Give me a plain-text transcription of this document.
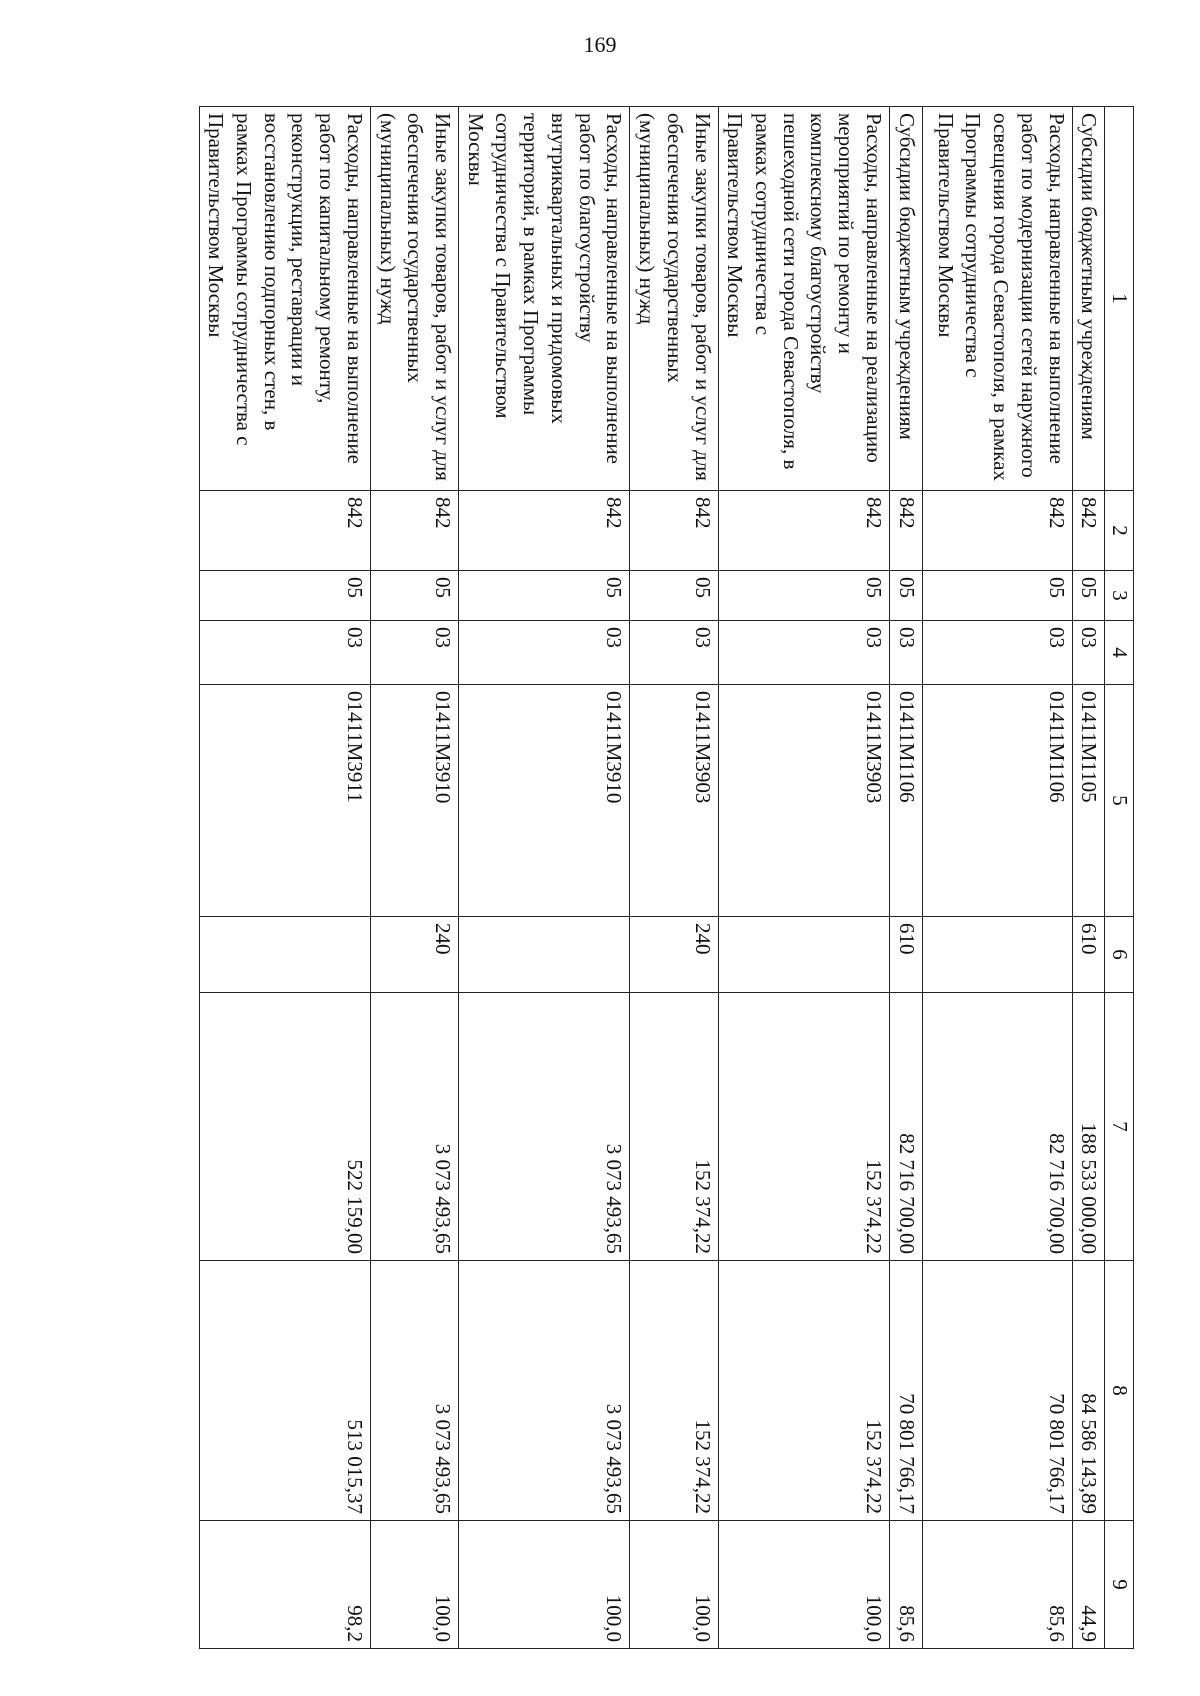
169
1	2	3	4	5	6	7	8	9
Субсидии бюджетным учреждениям	842	05	03	01411М1105	610	188 533 000,00	84 586 143,89	44,9
Расходы, направленные на выполнение работ по модернизации сетей наружного освещения города Севастополя, в рамках Программы сотрудничества с Правительством Москвы	842	05	03	01411М1106		82 716 700,00	70 801 766,17	85,6
Субсидии бюджетным учреждениям	842	05	03	01411М1106	610	82 716 700,00	70 801 766,17	85,6
Расходы, направленные на реализацию мероприятий по ремонту и комплексному благоустройству пешеходной сети города Севастополя, в рамках сотрудничества с Правительством Москвы	842	05	03	01411М3903		152 374,22	152 374,22	100,0
Иные закупки товаров, работ и услуг для обеспечения государственных (муниципальных) нужд	842	05	03	01411М3903	240	152 374,22	152 374,22	100,0
Расходы, направленные на выполнение работ по благоустройству внутриквартальных и придомовых территорий, в рамках Программы сотрудничества с Правительством Москвы	842	05	03	01411М3910		3 073 493,65	3 073 493,65	100,0
Иные закупки товаров, работ и услуг для обеспечения государственных (муниципальных) нужд	842	05	03	01411М3910	240	3 073 493,65	3 073 493,65	100,0
Расходы, направленные на выполнение работ по капитальному ремонту, реконструкции, реставрации и восстановлению подпорных стен, в рамках Программы сотрудничества с Правительством Москвы	842	05	03	01411М3911		522 159,00	513 015,37	98,2
